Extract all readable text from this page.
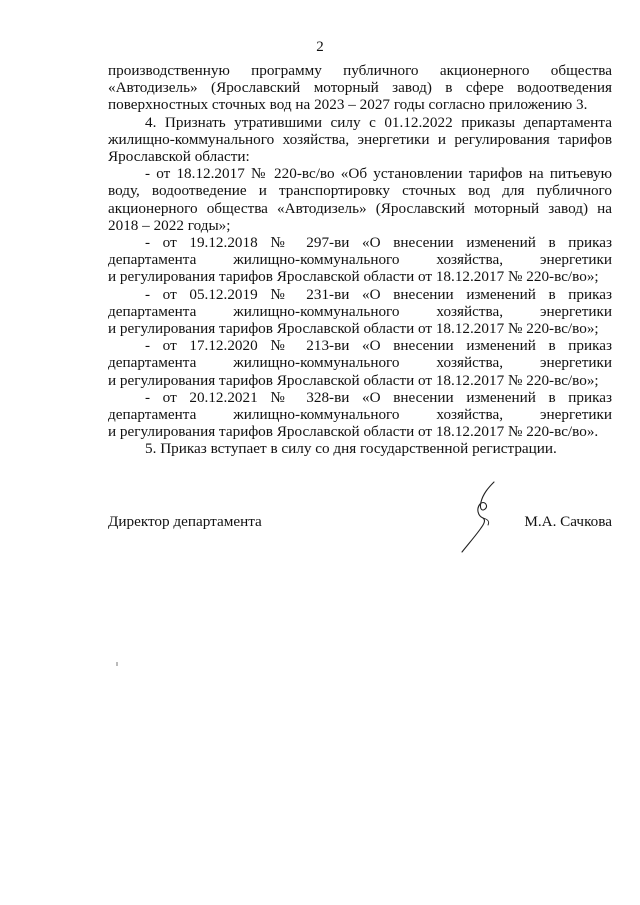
2
производственную программу публичного акционерного общества
«Автодизель» (Ярославский моторный завод) в сфере водоотведения
поверхностных сточных вод на 2023 – 2027 годы согласно приложению 3.
4. Признать утратившими силу с 01.12.2022 приказы департамента
жилищно-коммунального хозяйства, энергетики и регулирования тарифов
Ярославской области:
- от 18.12.2017 № 220-вс/во «Об установлении тарифов на питьевую
воду, водоотведение и транспортировку сточных вод для публичного
акционерного общества «Автодизель» (Ярославский моторный завод) на
2018 – 2022 годы»;
- от 19.12.2018 № 297-ви «О внесении изменений в приказ
департамента жилищно-коммунального хозяйства, энергетики
и регулирования тарифов Ярославской области от 18.12.2017 № 220-вс/во»;
- от 05.12.2019 № 231-ви «О внесении изменений в приказ
департамента жилищно-коммунального хозяйства, энергетики
и регулирования тарифов Ярославской области от 18.12.2017 № 220-вс/во»;
- от 17.12.2020 № 213-ви «О внесении изменений в приказ
департамента жилищно-коммунального хозяйства, энергетики
и регулирования тарифов Ярославской области от 18.12.2017 № 220-вс/во»;
- от 20.12.2021 № 328-ви «О внесении изменений в приказ
департамента жилищно-коммунального хозяйства, энергетики
и регулирования тарифов Ярославской области от 18.12.2017 № 220-вс/во».

5. Приказ вступает в силу со дня государственной регистрации.

Директор департамента	М.А. Сачкова
